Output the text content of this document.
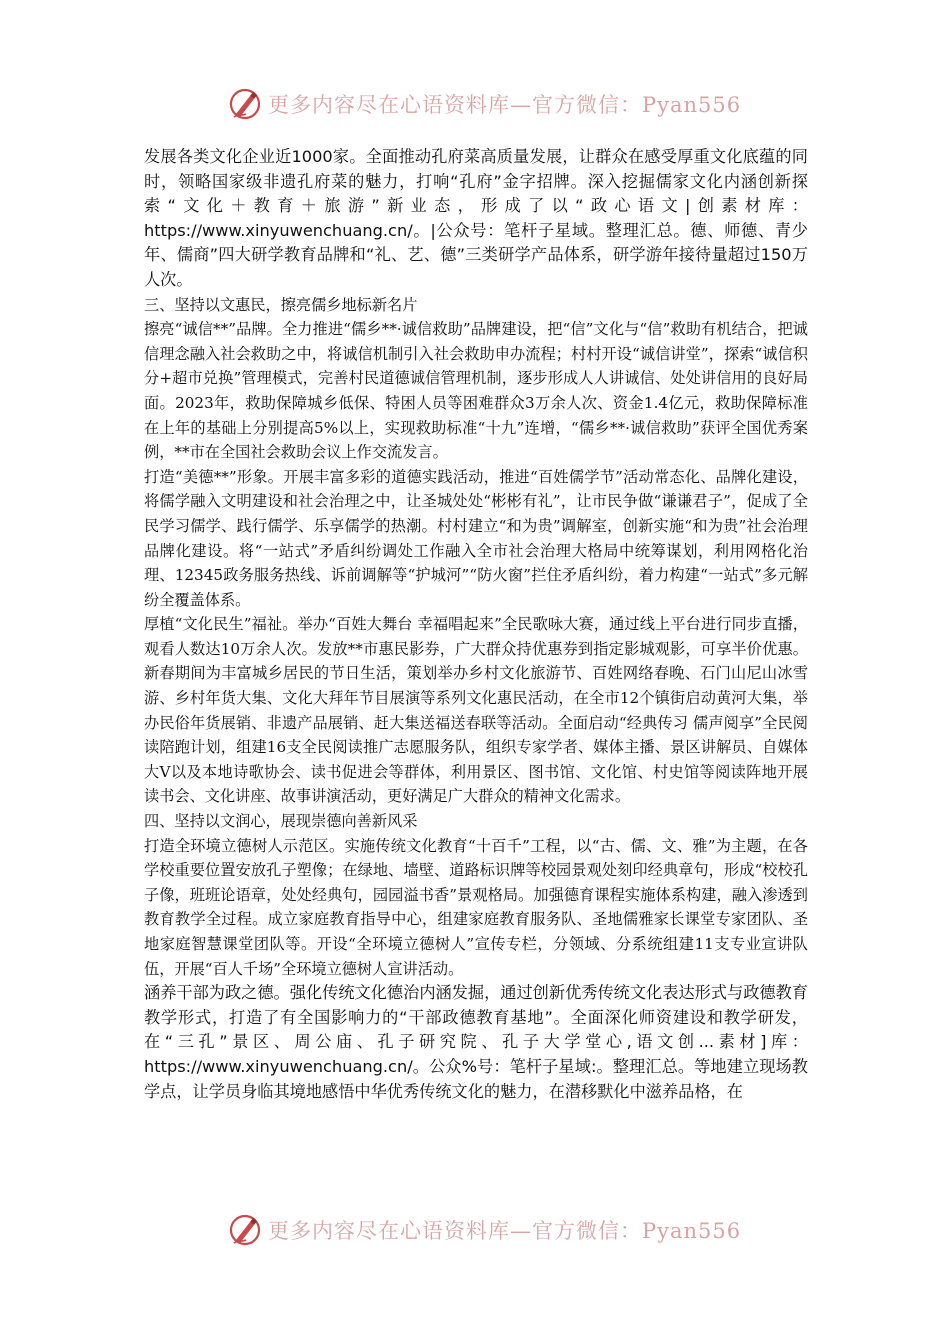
更多内容尽在心语资料库—官方微信：Pyan556

发展各类文化企业近1000家。全面推动孔府菜高质量发展，让群众在感受厚重文化底蕴的同时，领略国家级非遗孔府菜的魅力，打响“孔府”金字招牌。深入挖掘儒家文化内涵创新探索“文化＋教育＋旅游”新业态，形成了以“政心语文|创素材库：https://www.xinyuwenchuang.cn/。|公众号：笔杆子星域。整理汇总。德、师德、青少年、儒商”四大研学教育品牌和“礼、艺、德”三类研学产品体系，研学游年接待量超过150万人次。

三、坚持以文惠民，擦亮儒乡地标新名片

擦亮“诚信**”品牌。全力推进“儒乡**·诚信救助”品牌建设，把“信”文化与“信”救助有机结合，把诚信理念融入社会救助之中，将诚信机制引入社会救助申办流程；村村开设“诚信讲堂”，探索“诚信积分+超市兑换”管理模式，完善村民道德诚信管理机制，逐步形成人人讲诚信、处处讲信用的良好局面。2023年，救助保障城乡低保、特困人员等困难群众3万余人次、资金1.4亿元，救助保障标准在上年的基础上分别提高5%以上，实现救助标准“十九”连增，“儒乡**·诚信救助”获评全国优秀案例，**市在全国社会救助会议上作交流发言。

打造“美德**”形象。开展丰富多彩的道德实践活动，推进“百姓儒学节”活动常态化、品牌化建设，将儒学融入文明建设和社会治理之中，让圣城处处“彬彬有礼”，让市民争做“谦谦君子”，促成了全民学习儒学、践行儒学、乐享儒学的热潮。村村建立“和为贵”调解室，创新实施“和为贵”社会治理品牌化建设。将“一站式”矛盾纠纷调处工作融入全市社会治理大格局中统筹谋划，利用网格化治理、12345政务服务热线、诉前调解等“护城河”“防火窗”拦住矛盾纠纷，着力构建“一站式”多元解纷全覆盖体系。

厚植“文化民生”福祉。举办“百姓大舞台 幸福唱起来”全民歌咏大赛，通过线上平台进行同步直播，观看人数达10万余人次。发放**市惠民影券，广大群众持优惠券到指定影城观影，可享半价优惠。新春期间为丰富城乡居民的节日生活，策划举办乡村文化旅游节、百姓网络春晚、石门山尼山冰雪游、乡村年货大集、文化大拜年节目展演等系列文化惠民活动，在全市12个镇街启动黄河大集，举办民俗年货展销、非遗产品展销、赶大集送福送春联等活动。全面启动“经典传习 儒声阅享”全民阅读陪跑计划，组建16支全民阅读推广志愿服务队，组织专家学者、媒体主播、景区讲解员、自媒体大V以及本地诗歌协会、读书促进会等群体，利用景区、图书馆、文化馆、村史馆等阅读阵地开展读书会、文化讲座、故事讲演活动，更好满足广大群众的精神文化需求。

四、坚持以文润心，展现崇德向善新风采

打造全环境立德树人示范区。实施传统文化教育“十百千”工程，以“古、儒、文、雅”为主题，在各学校重要位置安放孔子塑像；在绿地、墙壁、道路标识牌等校园景观处刻印经典章句，形成“校校孔子像，班班论语章，处处经典句，园园溢书香”景观格局。加强德育课程实施体系构建，融入渗透到教育教学全过程。成立家庭教育指导中心，组建家庭教育服务队、圣地儒雅家长课堂专家团队、圣地家庭智慧课堂团队等。开设“全环境立德树人”宣传专栏，分领域、分系统组建11支专业宣讲队伍，开展“百人千场”全环境立德树人宣讲活动。

涵养干部为政之德。强化传统文化德治内涵发掘，通过创新优秀传统文化表达形式与政德教育教学形式，打造了有全国影响力的“干部政德教育基地”。全面深化师资建设和教学研发，在“三孔”景区、周公庙、孔子研究院、孔子大学堂心,语文创...素材]库：https://www.xinyuwenchuang.cn/。公众%号：笔杆子星域:。整理汇总。等地建立现场教学点，让学员身临其境地感悟中华优秀传统文化的魅力，在潜移默化中滋养品格，在

更多内容尽在心语资料库—官方微信：Pyan556
